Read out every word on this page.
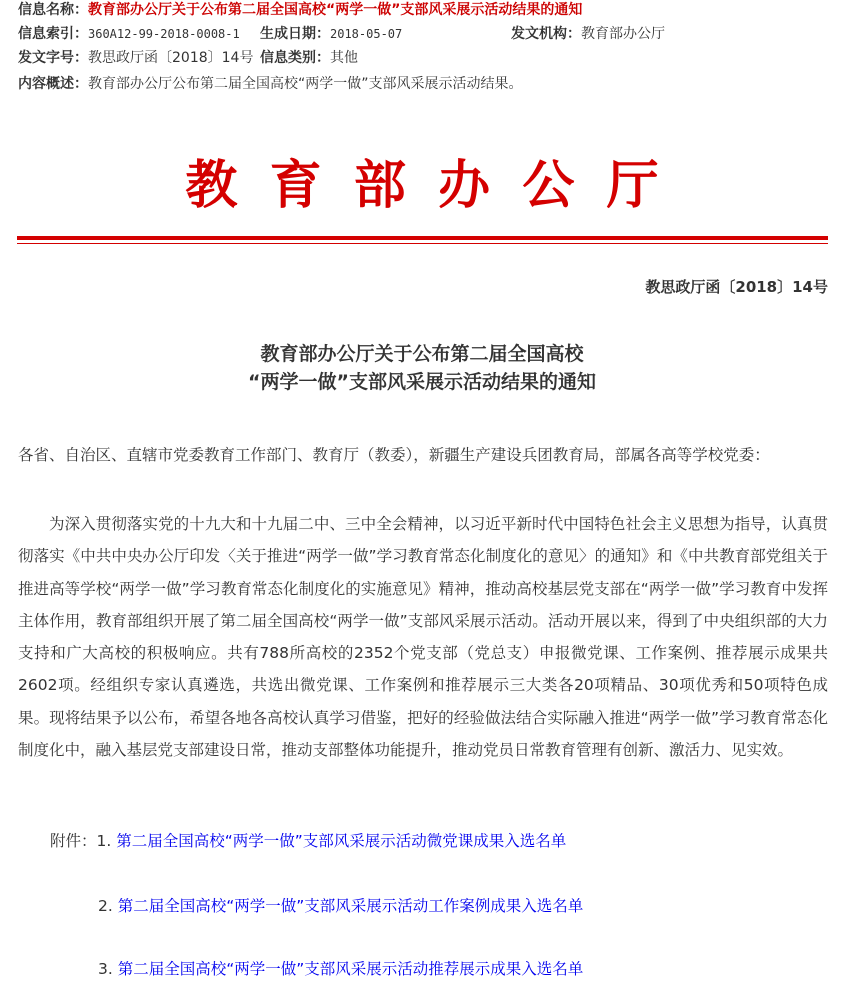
信息名称：教育部办公厅关于公布第二届全国高校“两学一做”支部风采展示活动结果的通知
信息索引：360A12-99-2018-0008-1	生成日期：2018-05-07	发文机构：教育部办公厅
发文字号：教思政厅函〔2018〕14号 信息类别：其他
内容概述：教育部办公厅公布第二届全国高校“两学一做”支部风采展示活动结果。
教育部办公厅
教思政厅函〔2018〕14号
教育部办公厅关于公布第二届全国高校
“两学一做”支部风采展示活动结果的通知
各省、自治区、直辖市党委教育工作部门、教育厅（教委），新疆生产建设兵团教育局，部属各高等学校党委：

为深入贯彻落实党的十九大和十九届二中、三中全会精神，以习近平新时代中国特色社会主义思想为指导，认真贯彻落实《中共中央办公厅印发〈关于推进“两学一做”学习教育常态化制度化的意见〉的通知》和《中共教育部党组关于推进高等学校“两学一做”学习教育常态化制度化的实施意见》精神，推动高校基层党支部在“两学一做”学习教育中发挥主体作用，教育部组织开展了第二届全国高校“两学一做”支部风采展示活动。活动开展以来，得到了中央组织部的大力支持和广大高校的积极响应。共有788所高校的2352个党支部（党总支）申报微党课、工作案例、推荐展示成果共2602项。经组织专家认真遴选，共选出微党课、工作案例和推荐展示三大类各20项精品、30项优秀和50项特色成果。现将结果予以公布，希望各地各高校认真学习借鉴，把好的经验做法结合实际融入推进“两学一做”学习教育常态化制度化中，融入基层党支部建设日常，推动支部整体功能提升，推动党员日常教育管理有创新、激活力、见实效。

附件：1. 第二届全国高校“两学一做”支部风采展示活动微党课成果入选名单
2. 第二届全国高校“两学一做”支部风采展示活动工作案例成果入选名单
3. 第二届全国高校“两学一做”支部风采展示活动推荐展示成果入选名单
